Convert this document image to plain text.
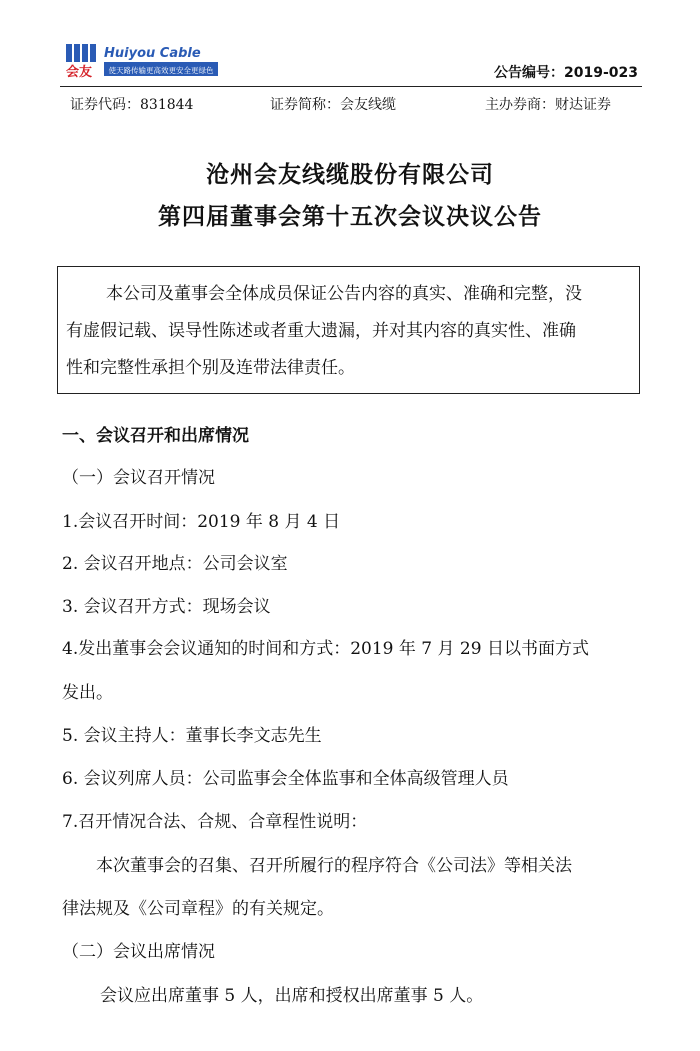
会友
Huiyou Cable
使天路传输更高效更安全更绿色	公告编号：2019-023
证券代码：831844	证券简称：会友线缆	主办券商：财达证券
沧州会友线缆股份有限公司
第四届董事会第十五次会议决议公告
本公司及董事会全体成员保证公告内容的真实、准确和完整，没
有虚假记载、误导性陈述或者重大遗漏，并对其内容的真实性、准确
性和完整性承担个别及连带法律责任。
一、会议召开和出席情况
（一）会议召开情况
1.会议召开时间：2019 年 8 月 4 日
2. 会议召开地点：公司会议室
3. 会议召开方式：现场会议
4.发出董事会会议通知的时间和方式：2019 年 7 月 29 日以书面方式
发出。
5. 会议主持人：董事长李文志先生
6. 会议列席人员：公司监事会全体监事和全体高级管理人员
7.召开情况合法、合规、合章程性说明：
本次董事会的召集、召开所履行的程序符合《公司法》等相关法
律法规及《公司章程》的有关规定。
（二）会议出席情况
会议应出席董事 5 人，出席和授权出席董事 5 人。
